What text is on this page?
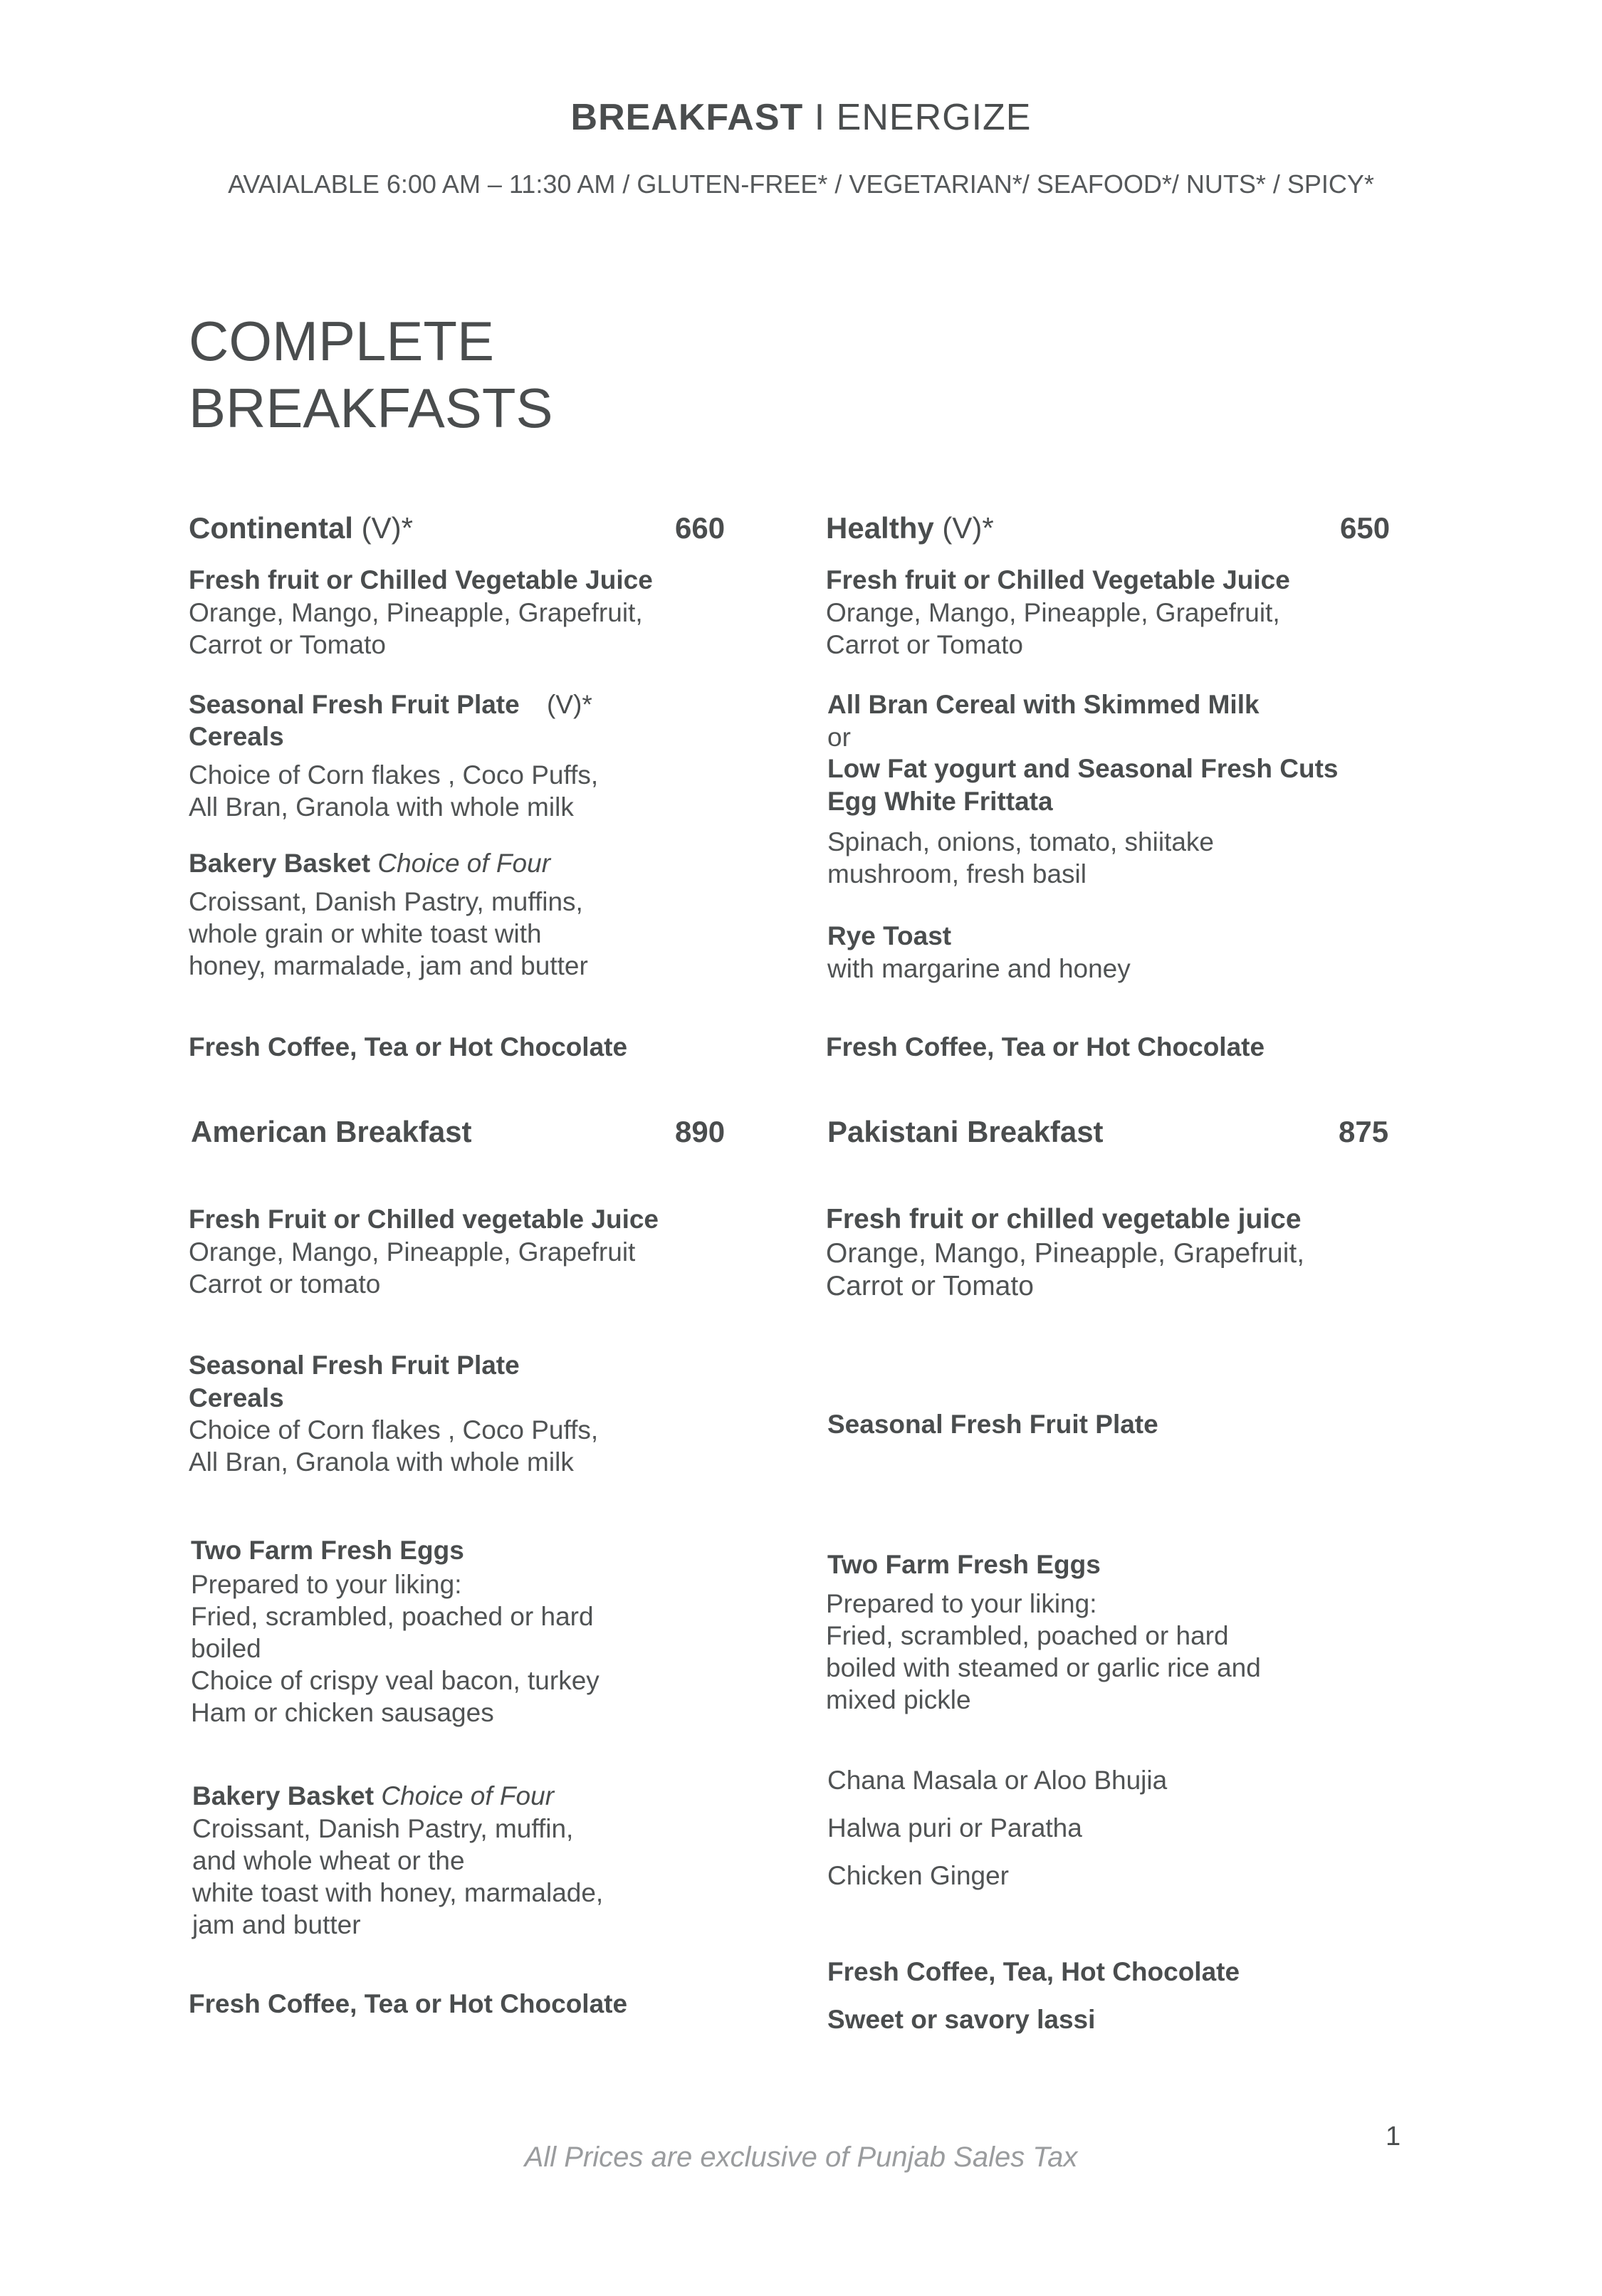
BREAKFAST I ENERGIZE
AVAIALABLE 6:00 AM – 11:30 AM / GLUTEN-FREE* / VEGETARIAN*/ SEAFOOD*/ NUTS* / SPICY*
COMPLETE
BREAKFASTS
Continental (V)*	660
Fresh fruit or Chilled Vegetable Juice
Orange, Mango, Pineapple, Grapefruit,
Carrot or Tomato
Seasonal Fresh Fruit Plate (V)*
Cereals
Choice of Corn flakes , Coco Puffs,
All Bran, Granola with whole milk
Bakery Basket Choice of Four
Croissant, Danish Pastry, muffins,
whole grain or white toast with
honey, marmalade, jam and butter
Fresh Coffee, Tea or Hot Chocolate
Healthy (V)*	650
Fresh fruit or Chilled Vegetable Juice
Orange, Mango, Pineapple, Grapefruit,
Carrot or Tomato
All Bran Cereal with Skimmed Milk
or
Low Fat yogurt and Seasonal Fresh Cuts
Egg White Frittata
Spinach, onions, tomato, shiitake
mushroom, fresh basil
Rye Toast
with margarine and honey
Fresh Coffee, Tea or Hot Chocolate
American Breakfast	890
Fresh Fruit or Chilled vegetable Juice
Orange, Mango, Pineapple, Grapefruit
Carrot or tomato
Seasonal Fresh Fruit Plate
Cereals
Choice of Corn flakes , Coco Puffs,
All Bran, Granola with whole milk
Two Farm Fresh Eggs
Prepared to your liking:
Fried, scrambled, poached or hard
boiled
Choice of crispy veal bacon, turkey
Ham or chicken sausages
Bakery Basket Choice of Four
Croissant, Danish Pastry, muffin,
and whole wheat or the
white toast with honey, marmalade,
jam and butter
Fresh Coffee, Tea or Hot Chocolate
Pakistani Breakfast	875
Fresh fruit or chilled vegetable juice
Orange, Mango, Pineapple, Grapefruit,
Carrot or Tomato
Seasonal Fresh Fruit Plate
Two Farm Fresh Eggs
Prepared to your liking:
Fried, scrambled, poached or hard
boiled with steamed or garlic rice and
mixed pickle
Chana Masala or Aloo Bhujia
Halwa puri or Paratha
Chicken Ginger
Fresh Coffee, Tea, Hot Chocolate
Sweet or savory lassi
1
All Prices are exclusive of Punjab Sales Tax
